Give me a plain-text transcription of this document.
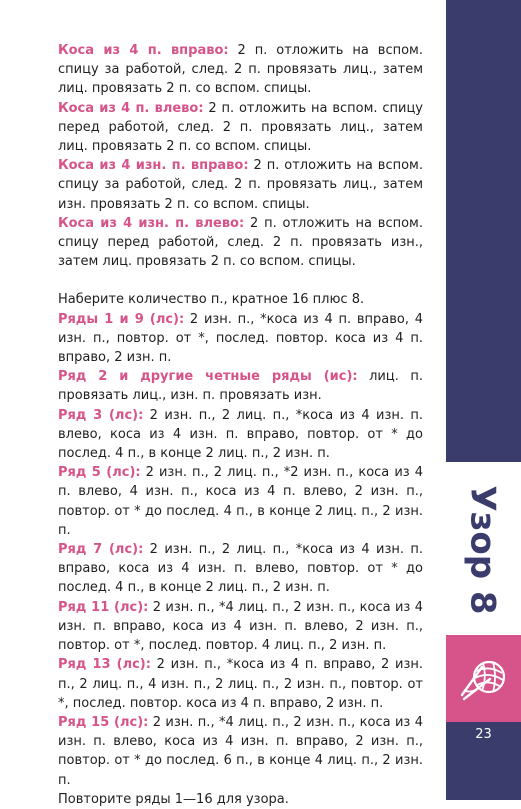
Коса из 4 п. вправо: 2 п. отложить на вспом. спицу за работой, след. 2 п. провязать лиц., затем лиц. провязать 2 п. со вспом. спицы.

Коса из 4 п. влево: 2 п. отложить на вспом. спицу перед работой, след. 2 п. провязать лиц., затем лиц. провязать 2 п. со вспом. спицы.

Коса из 4 изн. п. вправо: 2 п. отложить на вспом. спицу за работой, след. 2 п. провязать лиц., затем изн. провязать 2 п. со вспом. спицы.

Коса из 4 изн. п. влево: 2 п. отложить на вспом. спицу перед работой, след. 2 п. провязать изн., затем лиц. провязать 2 п. со вспом. спицы.

Наберите количество п., кратное 16 плюс 8.

Ряды 1 и 9 (лс): 2 изн. п., *коса из 4 п. вправо, 4 изн. п., повтор. от *, послед. повтор. коса из 4 п. вправо, 2 изн. п.

Ряд 2 и другие четные ряды (ис): лиц. п. провязать лиц., изн. п. провязать изн.

Ряд 3 (лс): 2 изн. п., 2 лиц. п., *коса из 4 изн. п. влево, коса из 4 изн. п. вправо, повтор. от * до послед. 4 п., в конце 2 лиц. п., 2 изн. п.

Ряд 5 (лс): 2 изн. п., 2 лиц. п., *2 изн. п., коса из 4 п. влево, 4 изн. п., коса из 4 п. влево, 2 изн. п., повтор. от * до послед. 4 п., в конце 2 лиц. п., 2 изн. п.

Ряд 7 (лс): 2 изн. п., 2 лиц. п., *коса из 4 изн. п. вправо, коса из 4 изн. п. влево, повтор. от * до послед. 4 п., в конце 2 лиц. п., 2 изн. п.

Ряд 11 (лс): 2 изн. п., *4 лиц. п., 2 изн. п., коса из 4 изн. п. вправо, коса из 4 изн. п. влево, 2 изн. п., повтор. от *, послед. повтор. 4 лиц. п., 2 изн. п.

Ряд 13 (лс): 2 изн. п., *коса из 4 п. вправо, 2 изн. п., 2 лиц. п., 4 изн. п., 2 лиц. п., 2 изн. п., повтор. от *, послед. повтор. коса из 4 п. вправо, 2 изн. п.

Ряд 15 (лс): 2 изн. п., *4 лиц. п., 2 изн. п., коса из 4 изн. п. влево, коса из 4 изн. п. вправо, 2 изн. п., повтор. от * до послед. 6 п., в конце 4 лиц. п., 2 изн. п.

Повторите ряды 1—16 для узора.

Узор 8
23
